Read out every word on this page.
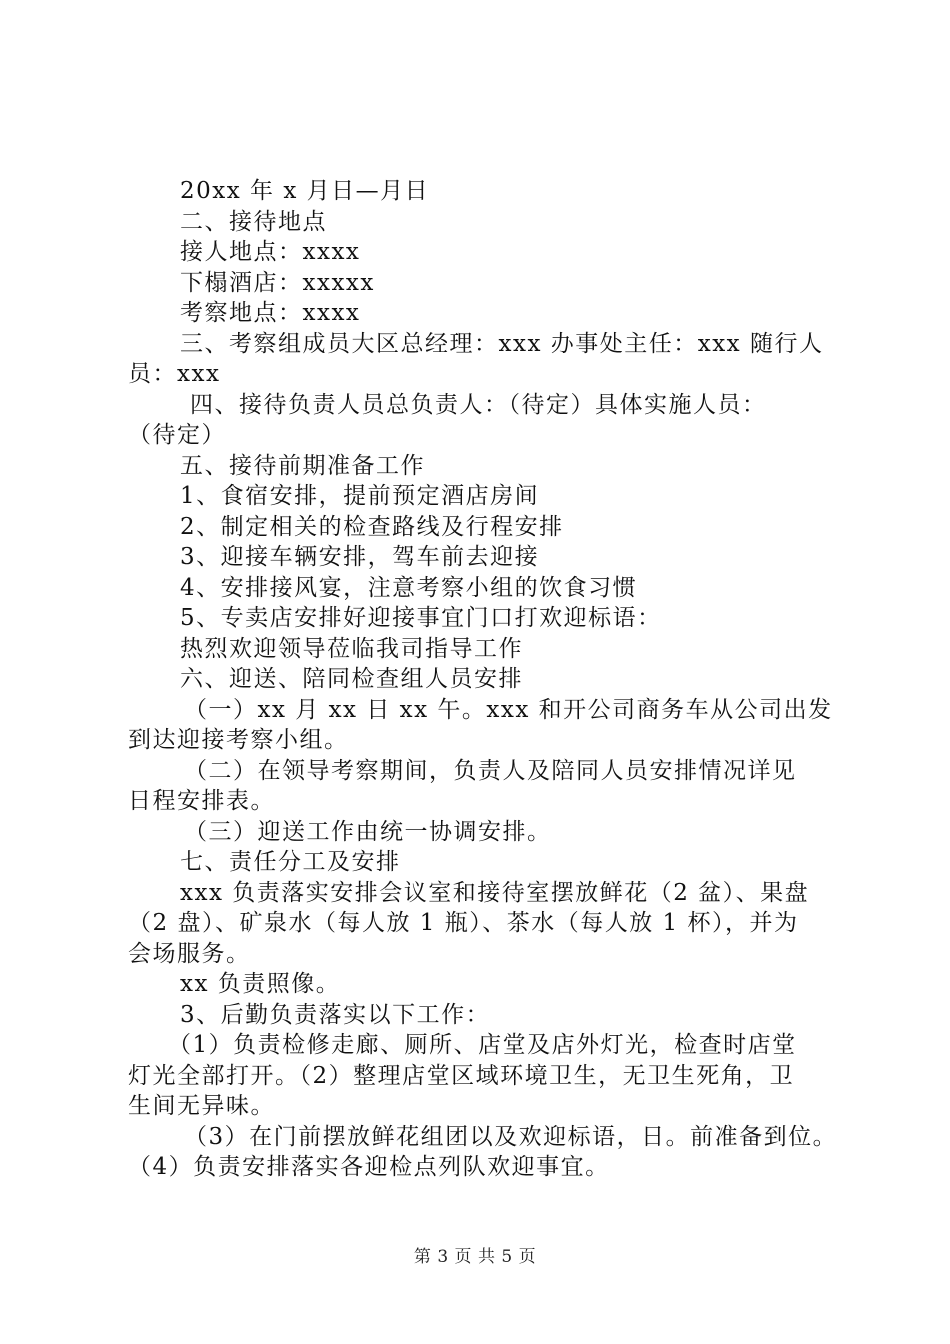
20xx 年 x 月日—月日
二、接待地点
接人地点：xxxx
下榻酒店：xxxxx
考察地点：xxxx
三、考察组成员大区总经理：xxx 办事处主任：xxx 随行人
员：xxx
四、接待负责人员总负责人：（待定）具体实施人员：
（待定）
五、接待前期准备工作
1、食宿安排，提前预定酒店房间
2、制定相关的检查路线及行程安排
3、迎接车辆安排，驾车前去迎接
4、安排接风宴，注意考察小组的饮食习惯
5、专卖店安排好迎接事宜门口打欢迎标语：
热烈欢迎领导莅临我司指导工作
六、迎送、陪同检查组人员安排
（一）xx 月 xx 日 xx 午。xxx 和开公司商务车从公司出发
到达迎接考察小组。
（二）在领导考察期间，负责人及陪同人员安排情况详见
日程安排表。
（三）迎送工作由统一协调安排。
七、责任分工及安排
xxx 负责落实安排会议室和接待室摆放鲜花（2 盆）、果盘
（2 盘）、矿泉水（每人放 1 瓶）、茶水（每人放 1 杯），并为
会场服务。
xx 负责照像。
3、后勤负责落实以下工作：
（1）负责检修走廊、厕所、店堂及店外灯光，检查时店堂
灯光全部打开。（2）整理店堂区域环境卫生，无卫生死角，卫
生间无异味。
（3）在门前摆放鲜花组团以及欢迎标语，日。前准备到位。
（4）负责安排落实各迎检点列队欢迎事宜。
第 3 页 共 5 页
